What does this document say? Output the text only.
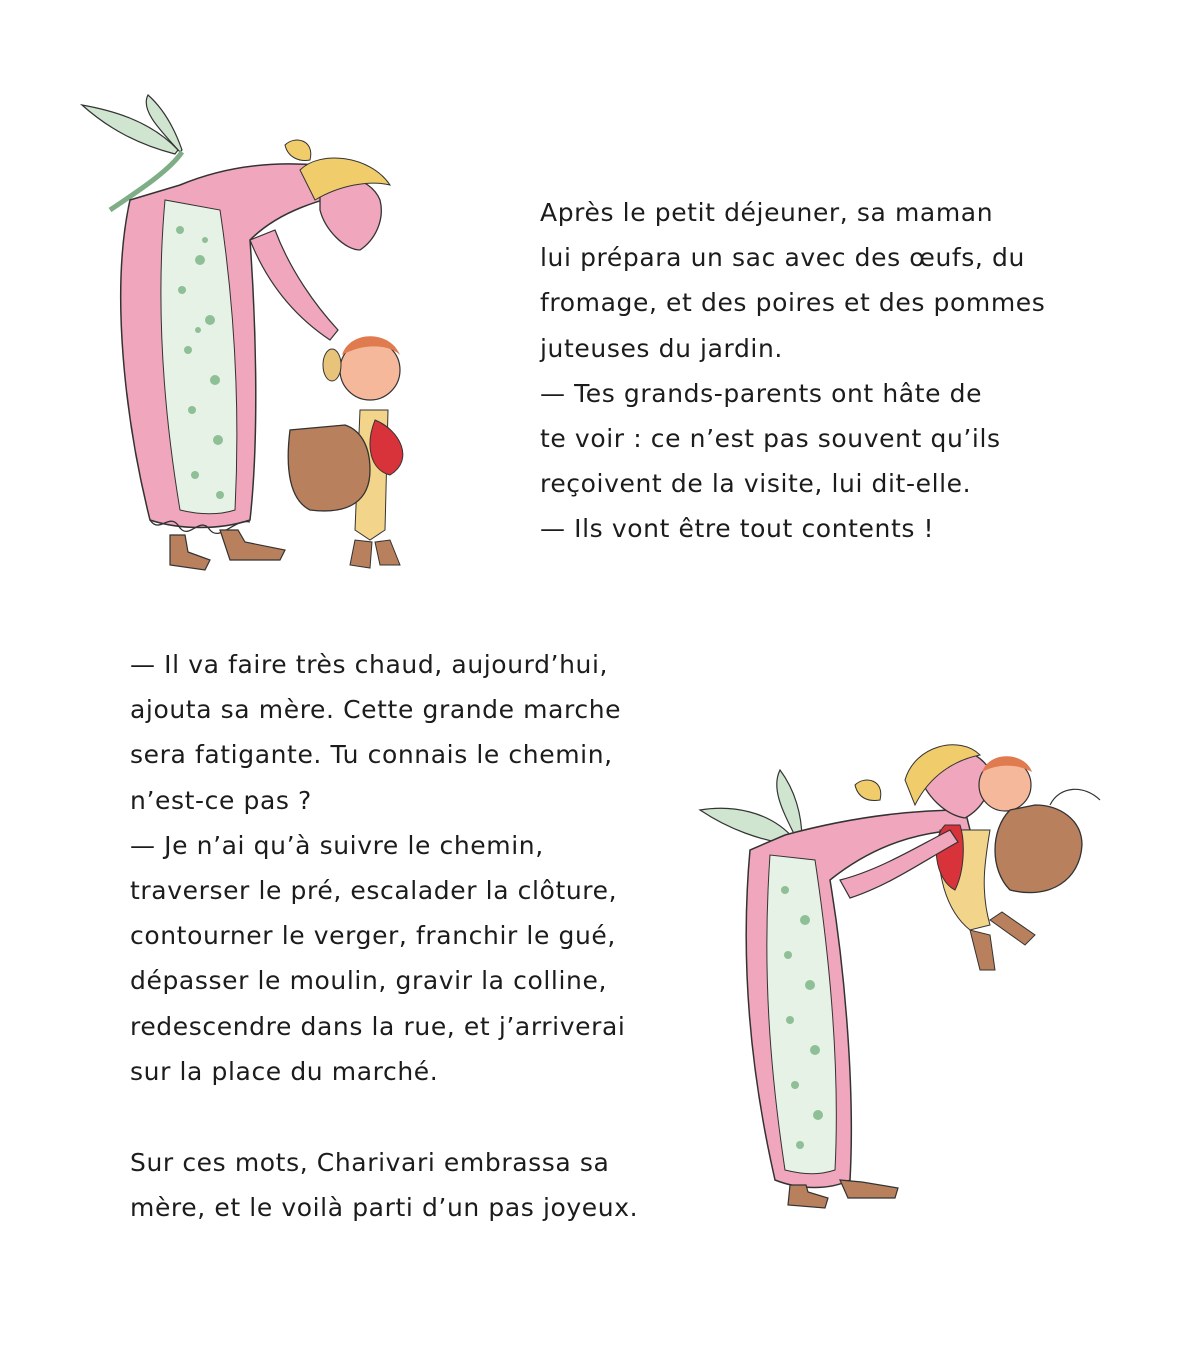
Après le petit déjeuner, sa maman
lui prépara un sac avec des œufs, du
fromage, et des poires et des pommes
juteuses du jardin.
— Tes grands-parents ont hâte de
te voir : ce n’est pas souvent qu’ils
reçoivent de la visite, lui dit-elle.
— Ils vont être tout contents !
— Il va faire très chaud, aujourd’hui,
ajouta sa mère. Cette grande marche
sera fatigante. Tu connais le chemin,
n’est-ce pas ?
— Je n’ai qu’à suivre le chemin,
traverser le pré, escalader la clôture,
contourner le verger, franchir le gué,
dépasser le moulin, gravir la colline,
redescendre dans la rue, et j’arriverai
sur la place du marché.
Sur ces mots, Charivari embrassa sa
mère, et le voilà parti d’un pas joyeux.
